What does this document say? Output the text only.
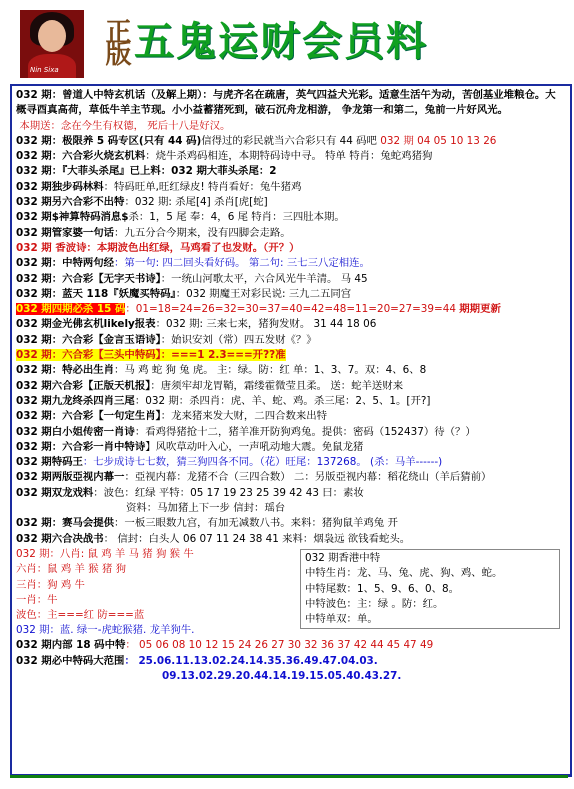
Nin Sixa
正版 五鬼运财会员料
032 期：曾道人中特玄机话（及解上期）：与虎齐名在疏唐，英气四益犬光彩。适意生活午为动，苦创基业堆粮仓。大概寻酉真高荷，草低牛羊主节现。小小益蓄猪死到，破石沉舟龙相游， 争龙第一和第二，兔前一片好风光。
本期送：念在今生有权德， 死后十八是好汉。
032 期：极限养 5 码专区(只有 44 码)信得过的彩民就当六合彩只有 44 码吧 032 期 04 05 10 13 26
032 期：六合彩火烧玄机料：烧牛杀鸡码相连，本期特码诗中寻。 特单 特肖：兔蛇鸡猪狗
032 期：『大菲头杀尾』已上料：032 期大菲头杀尾：2
032 期独步码林料：特码旺单,旺红绿皮! 特肖看好：兔牛猪鸡
032 期另六合彩不出特：032 期: 杀尾[4] 杀肖[虎[蛇]
032 期$神算特码消息$杀：1，5 尾 奉：4，6 尾 特肖：三四肚本期。
032 期管家婆一句话：九五分合今期来，没有四脚会走路。
032 期 香波诗：本期波色出红绿，马鸡看了也发财。（开？）
032 期：中特两句经：第一句: 四二回头看好码。 第二句: 三七三八定相连。
032 期：六合彩【无字天书诗】：一统山河歌太平，六合风光牛羊清。 马 45
032 期：蓝天 118『妖魔买特码』：032 期魔王对彩民说: 三九二五同宫
032 期四期必杀 15 码：01=18=24=26=32=30=37=40=42=48=11=20=27=39=44 期期更新
032 期金光佛玄机likely报表：032 期: 三来七来，猪狗发财。 31 44 18 06
032 期：六合彩【金言玉语诗】：始识安刘（常）四五发财《？》
032 期：六合彩【三头中特码】：===1 2.3===开??准
032 期：特必出生肖：马 鸡 蛇 狗 兔 虎。 主：绿。防：红 单：1、3、7。双：4、6、8
032 期六合彩【正版天机报】：唐须牢却龙胃鞘，霜缕霍微莹且柔。 送：蛇羊送财来
032 期九龙终杀四肖三尾：032 期：杀四肖：虎、羊、蛇、鸡。杀三尾：2、5、1。[开?]
032 期：六合彩【一句定生肖】：龙来猪来发大财，二四合数来出特
032 期白小姐传密一肖诗：看鸡得猪抢十二，猪羊准开防狗鸡兔。提供：密码（152437）待（？）
032 期：六合彩一肖中特诗】风吹草动叶入心，一声吼动地大震。免鼠龙猪
032 期特码王：七步成诗七七数，猜三狗四各不同。（花）旺尾：137268。 (杀：马羊------)
032 期两版亞视内幕一：亞视内幕：龙猪不合（三四合数） 二：另版亞视内幕：稻花绕山（羊后猜前）
032 期双龙戏料：波色：红绿 平特：05 17 19 23 25 39 42 43 曰：素妆
资料：马加猪上下一步 信封：瑶台
032 期：赛马会提供：一板三眼数九宫，有加无减数八书。来料：猪狗鼠羊鸡兔 开
032 期六合决战书： 信封：白头人 06 07 11 24 38 41 来料：烟袅远 欲钱看蛇头。
032 期：八肖: 鼠 鸡 羊 马 猪 狗 猴 牛
六肖：鼠 鸡 羊 猴 猪 狗
三肖：狗 鸡 牛
一肖：牛
波色：主===红 防===蓝
032 期香港中特
中特生肖：龙、马、兔、虎、狗、鸡、蛇。
中特尾数：1、5、9、6、0、8。
中特波色：主：绿 。防：红。
中特单双：单。
032 期：蓝. 绿一-虎蛇猴猪. 龙羊狗牛.
032 期内部 18 码中特： 05 06 08 10 12 15 24 26 27 30 32 36 37 42 44 45 47 49
032 期必中特码大范围： 25.06.11.13.02.24.14.35.36.49.47.04.03.
09.13.02.29.20.44.14.19.15.05.40.43.27.
